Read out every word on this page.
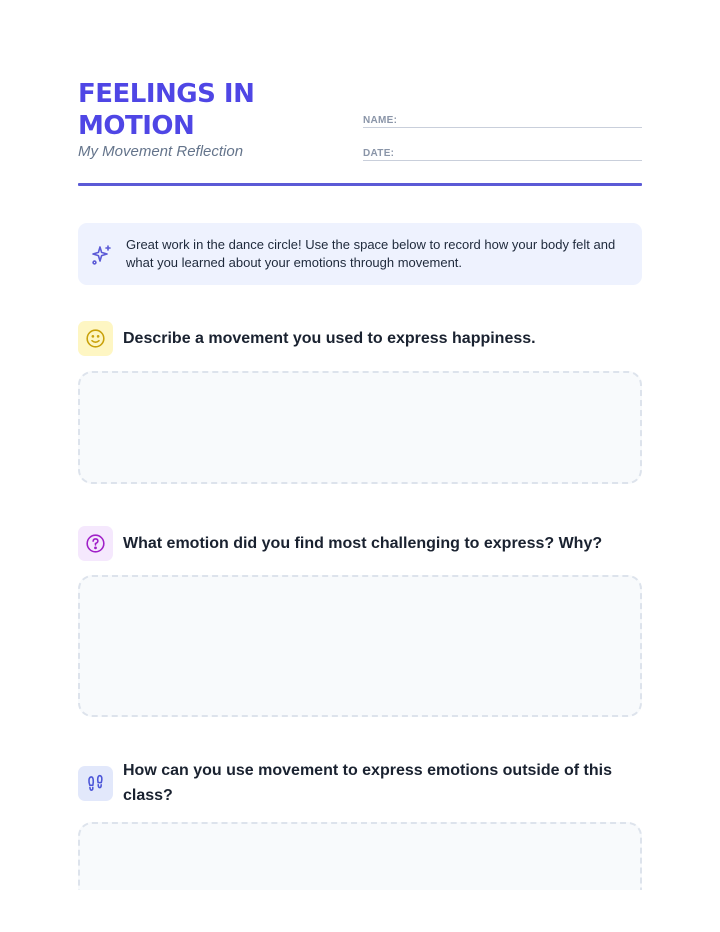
FEELINGS IN MOTION
My Movement Reflection
NAME:
DATE:
Great work in the dance circle! Use the space below to record how your body felt and what you learned about your emotions through movement.
Describe a movement you used to express happiness.
What emotion did you find most challenging to express? Why?
How can you use movement to express emotions outside of this class?
